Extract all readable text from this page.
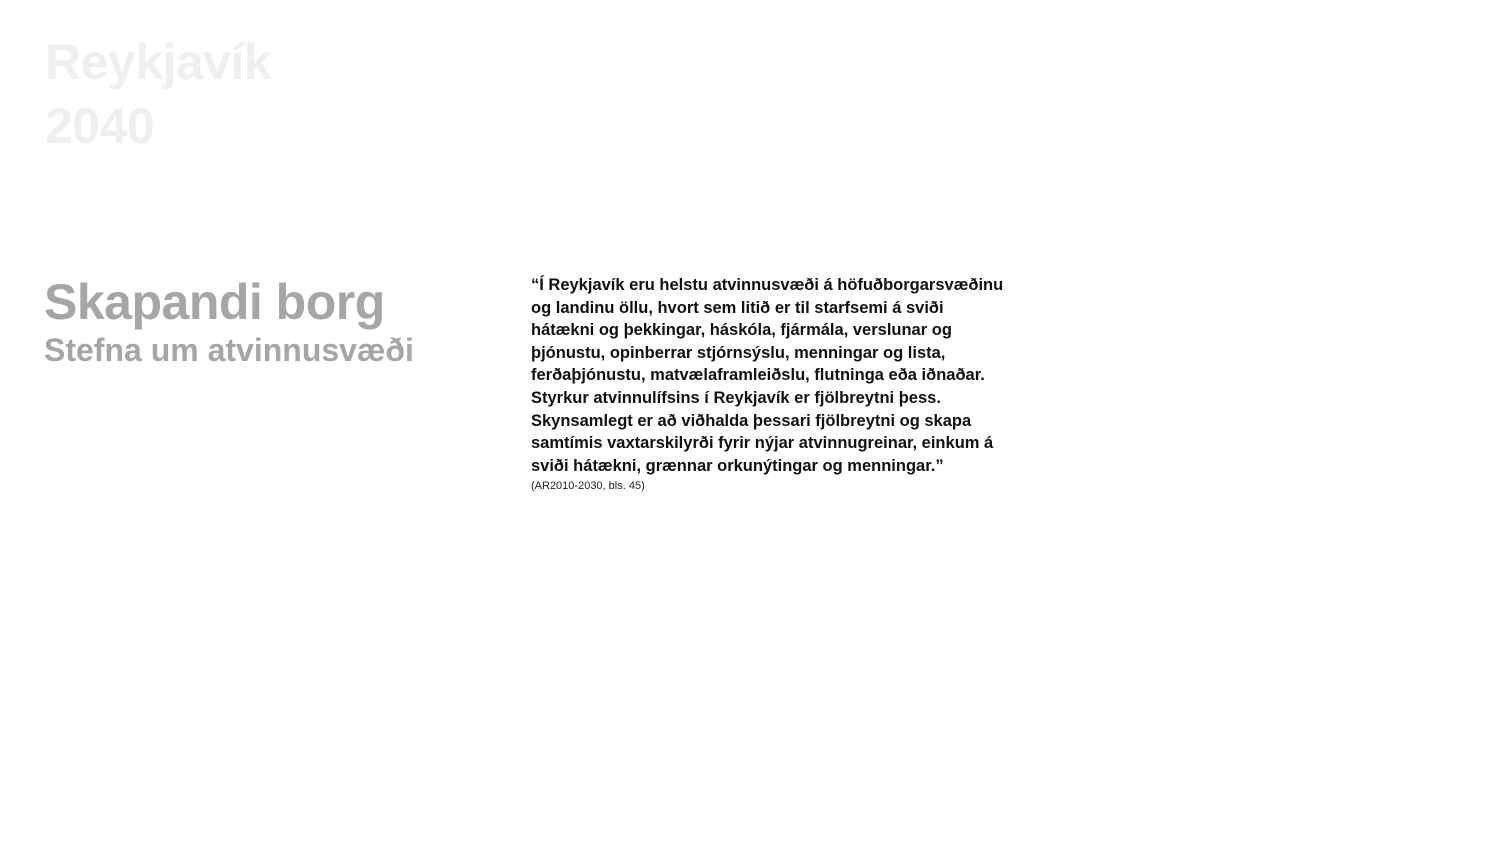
Reykjavík
2040
Skapandi borg
Stefna um atvinnusvæði
“Í Reykjavík eru helstu atvinnusvæði á höfuðborgarsvæðinu
og landinu öllu, hvort sem litið er til starfsemi á sviði
hátækni og þekkingar, háskóla, fjármála, verslunar og
þjónustu, opinberrar stjórnsýslu, menningar og lista,
ferðaþjónustu, matvælaframleiðslu, flutninga eða iðnaðar.
Styrkur atvinnulífsins í Reykjavík er fjölbreytni þess.
Skynsamlegt er að viðhalda þessari fjölbreytni og skapa
samtímis vaxtarskilyrði fyrir nýjar atvinnugreinar, einkum á
sviði hátækni, grænnar orkunýtingar og menningar.”
(AR2010-2030, bls. 45)
